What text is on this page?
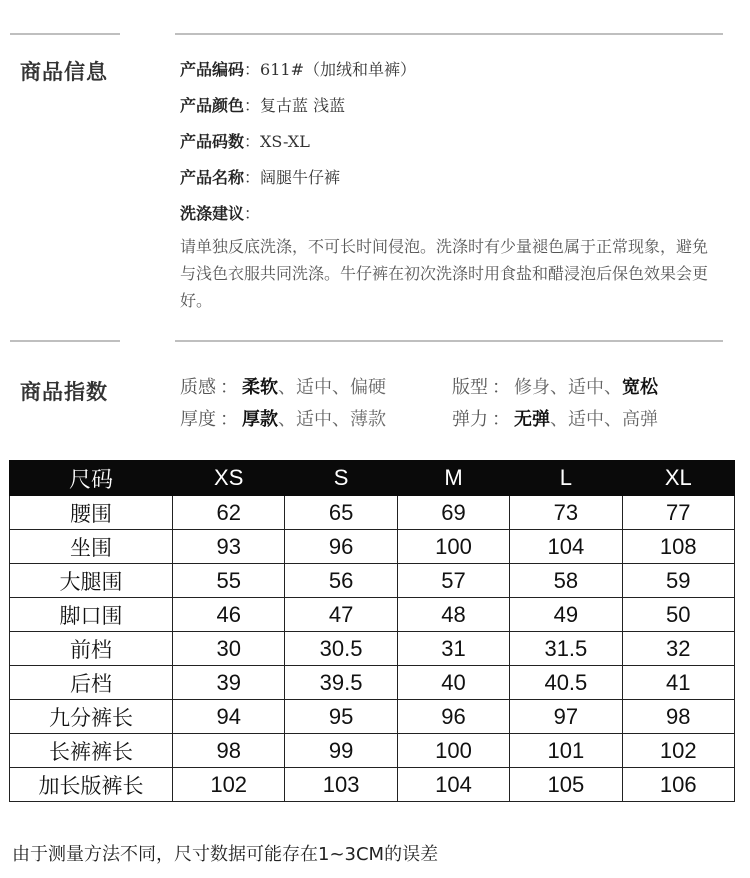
商品信息	产品编码：611#（加绒和单裤）
产品颜色：复古蓝 浅蓝
产品码数：XS-XL
产品名称：阔腿牛仔裤
洗涤建议：
请单独反底洗涤，不可长时间侵泡。洗涤时有少量褪色属于正常现象，避免与浅色衣服共同洗涤。牛仔裤在初次洗涤时用食盐和醋浸泡后保色效果会更好。
商品指数	质感 ： 柔软、适中、偏硬	版型 ： 修身、适中、宽松
厚度 ： 厚款、适中、薄款	弹力 ： 无弹、适中、高弹
尺码	XS	S	M	L	XL
腰围	62	65	69	73	77
坐围	93	96	100	104	108
大腿围	55	56	57	58	59
脚口围	46	47	48	49	50
前档	30	30.5	31	31.5	32
后档	39	39.5	40	40.5	41
九分裤长	94	95	96	97	98
长裤裤长	98	99	100	101	102
加长版裤长	102	103	104	105	106
由于测量方法不同，尺寸数据可能存在1~3CM的误差
